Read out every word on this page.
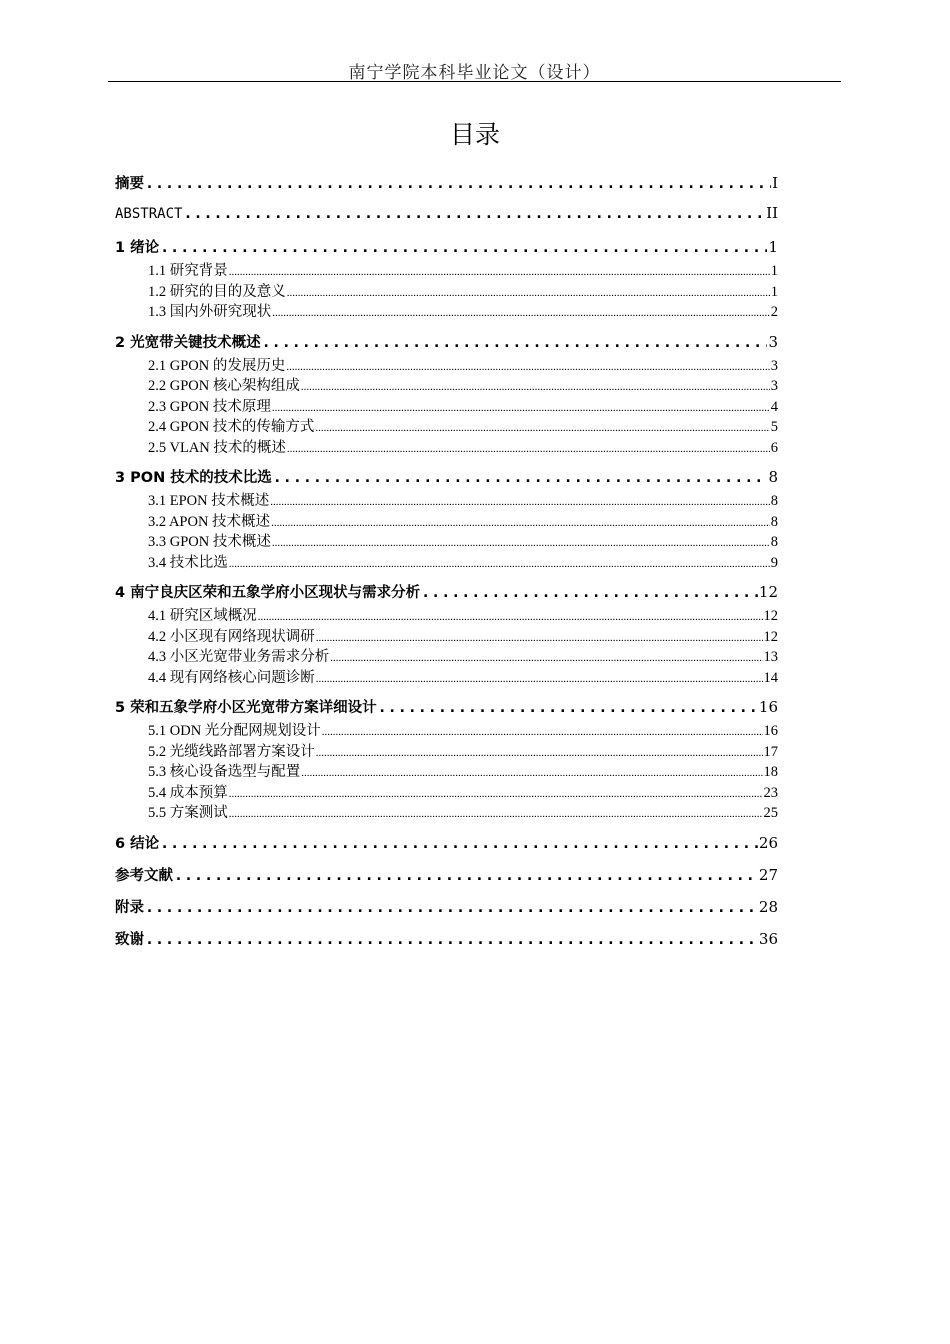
南宁学院本科毕业论文（设计）
目录
摘要 .....	I
ABSTRACT .....	II
1 绪论 .....	1
1.1 研究背景 .....	1
1.2 研究的目的及意义 .....	1
1.3 国内外研究现状 .....	2
2 光宽带关键技术概述 .....	3
2.1 GPON 的发展历史 .....	3
2.2 GPON 核心架构组成 .....	3
2.3 GPON 技术原理 .....	4
2.4 GPON 技术的传输方式 .....	5
2.5 VLAN 技术的概述 .....	6
3 PON 技术的技术比选 .....	8
3.1 EPON 技术概述 .....	8
3.2 APON 技术概述 .....	8
3.3 GPON 技术概述 .....	8
3.4 技术比选 .....	9
4 南宁良庆区荣和五象学府小区现状与需求分析 .....	12
4.1 研究区域概况 .....	12
4.2 小区现有网络现状调研 .....	12
4.3 小区光宽带业务需求分析 .....	13
4.4 现有网络核心问题诊断 .....	14
5 荣和五象学府小区光宽带方案详细设计 .....	16
5.1 ODN 光分配网规划设计 .....	16
5.2 光缆线路部署方案设计 .....	17
5.3 核心设备选型与配置 .....	18
5.4 成本预算 .....	23
5.5 方案测试 .....	25
6 结论 .....	26
参考文献 .....	27
附录 .....	28
致谢 .....	36
